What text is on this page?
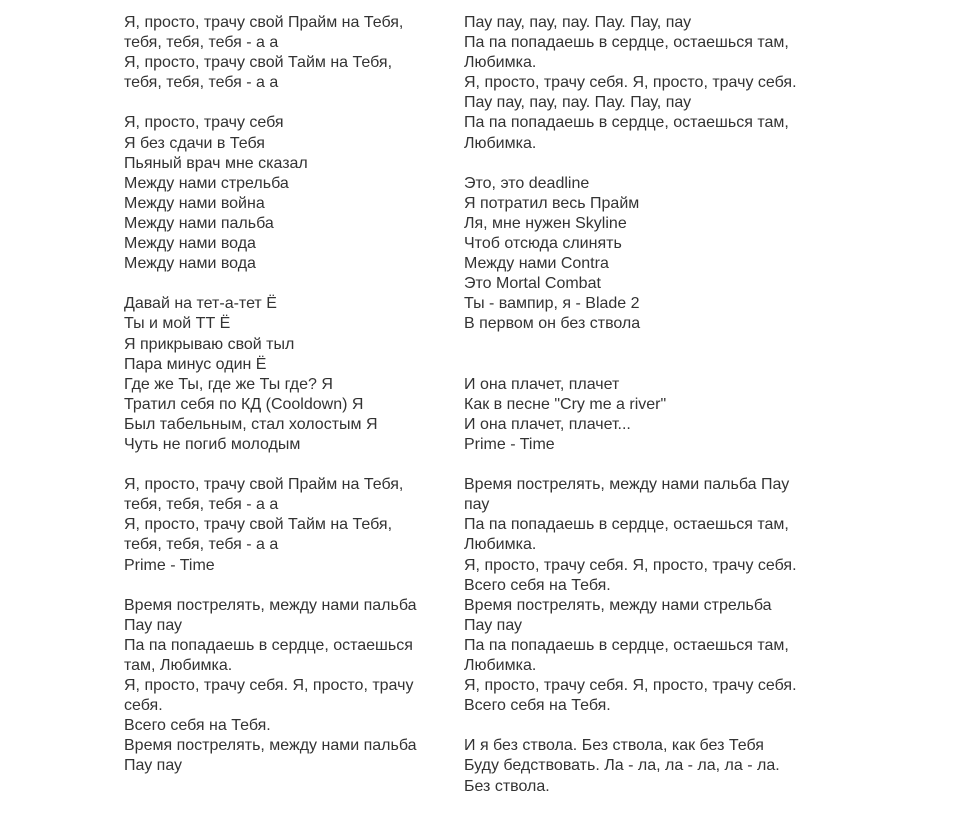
Я, просто, трачу свой Прайм на Тебя,
тебя, тебя, тебя - а а
Я, просто, трачу свой Тайм на Тебя,
тебя, тебя, тебя - а а
Я, просто, трачу себя
Я без сдачи в Тебя
Пьяный врач мне сказал
Между нами стрельба
Между нами война
Между нами пальба
Между нами вода
Между нами вода
Давай на тет-а-тет Ё
Ты и мой ТТ Ё
Я прикрываю свой тыл
Пара минус один Ё
Где же Ты, где же Ты где? Я
Тратил себя по КД (Cooldown) Я
Был табельным, стал холостым Я
Чуть не погиб молодым
Я, просто, трачу свой Прайм на Тебя,
тебя, тебя, тебя - а а
Я, просто, трачу свой Тайм на Тебя,
тебя, тебя, тебя - а а
Prime - Time
Время пострелять, между нами пальба
Пау пау
Па па попадаешь в сердце, остаешься
там, Любимка.
Я, просто, трачу себя. Я, просто, трачу
себя.
Всего себя на Тебя.
Время пострелять, между нами пальба
Пау пау
Пау пау, пау, пау. Пау. Пау, пау
Па па попадаешь в сердце, остаешься там,
Любимка.
Я, просто, трачу себя. Я, просто, трачу себя.
Пау пау, пау, пау. Пау. Пау, пау
Па па попадаешь в сердце, остаешься там,
Любимка.
Это, это deadline
Я потратил весь Прайм
Ля, мне нужен Skyline
Чтоб отсюда слинять
Между нами Contra
Это Mortal Combat
Ты - вампир, я - Blade 2
В первом он без ствола
И она плачет, плачет
Как в песне "Cry me a river"
И она плачет, плачет...
Prime - Time
Время пострелять, между нами пальба Пау
пау
Па па попадаешь в сердце, остаешься там,
Любимка.
Я, просто, трачу себя. Я, просто, трачу себя.
Всего себя на Тебя.
Время пострелять, между нами стрельба
Пау пау
Па па попадаешь в сердце, остаешься там,
Любимка.
Я, просто, трачу себя. Я, просто, трачу себя.
Всего себя на Тебя.
И я без ствола. Без ствола, как без Тебя
Буду бедствовать. Ла - ла, ла - ла, ла - ла.
Без ствола.
